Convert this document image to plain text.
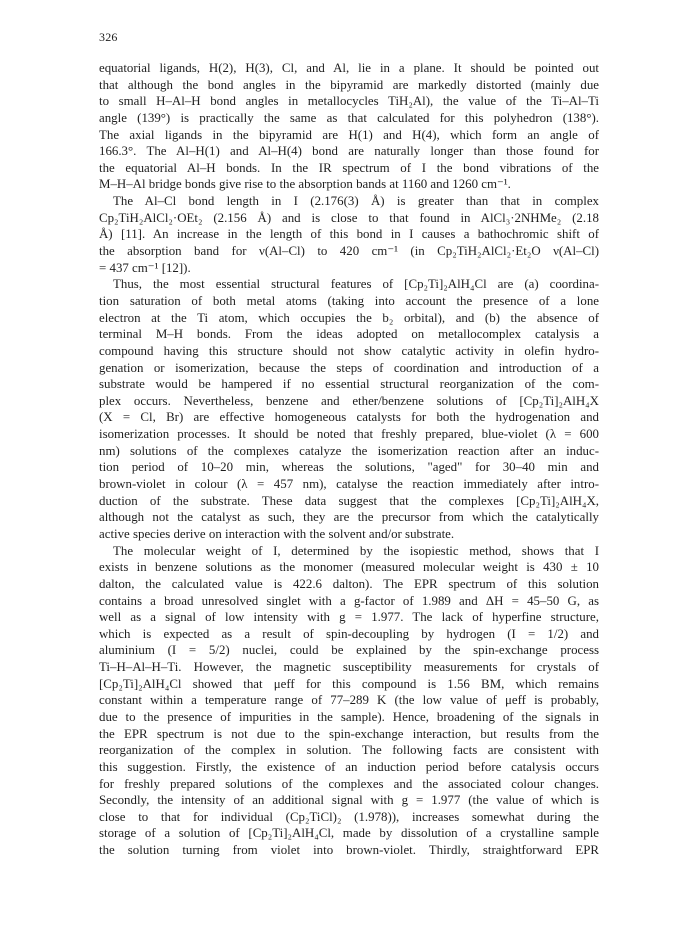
326
equatorial ligands, H(2), H(3), Cl, and Al, lie in a plane. It should be pointed out
that although the bond angles in the bipyramid are markedly distorted (mainly due
to small H–Al–H bond angles in metallocycles TiH₂Al), the value of the Ti–Al–Ti
angle (139°) is practically the same as that calculated for this polyhedron (138°).
The axial ligands in the bipyramid are H(1) and H(4), which form an angle of
166.3°. The Al–H(1) and Al–H(4) bond are naturally longer than those found for
the equatorial Al–H bonds. In the IR spectrum of I the bond vibrations of the
M–H–Al bridge bonds give rise to the absorption bands at 1160 and 1260 cm⁻¹.
The Al–Cl bond length in I (2.176(3) Å) is greater than that in complex
Cp₂TiH₂AlCl₂·OEt₂ (2.156 Å) and is close to that found in AlCl₃·2NHMe₂ (2.18
Å) [11]. An increase in the length of this bond in I causes a bathochromic shift of
the absorption band for ν(Al–Cl) to 420 cm⁻¹ (in Cp₂TiH₂AlCl₂·Et₂O ν(Al–Cl)
= 437 cm⁻¹ [12]).
Thus, the most essential structural features of [Cp₂Ti]₂AlH₄Cl are (a) coordina-
tion saturation of both metal atoms (taking into account the presence of a lone
electron at the Ti atom, which occupies the b₂ orbital), and (b) the absence of
terminal M–H bonds. From the ideas adopted on metallocomplex catalysis a
compound having this structure should not show catalytic activity in olefin hydro-
genation or isomerization, because the steps of coordination and introduction of a
substrate would be hampered if no essential structural reorganization of the com-
plex occurs. Nevertheless, benzene and ether/benzene solutions of [Cp₂Ti]₂AlH₄X
(X = Cl, Br) are effective homogeneous catalysts for both the hydrogenation and
isomerization processes. It should be noted that freshly prepared, blue-violet (λ = 600
nm) solutions of the complexes catalyze the isomerization reaction after an induc-
tion period of 10–20 min, whereas the solutions, "aged" for 30–40 min and
brown-violet in colour (λ = 457 nm), catalyse the reaction immediately after intro-
duction of the substrate. These data suggest that the complexes [Cp₂Ti]₂AlH₄X,
although not the catalyst as such, they are the precursor from which the catalytically
active species derive on interaction with the solvent and/or substrate.
The molecular weight of I, determined by the isopiestic method, shows that I
exists in benzene solutions as the monomer (measured molecular weight is 430 ± 10
dalton, the calculated value is 422.6 dalton). The EPR spectrum of this solution
contains a broad unresolved singlet with a g-factor of 1.989 and ΔH = 45–50 G, as
well as a signal of low intensity with g = 1.977. The lack of hyperfine structure,
which is expected as a result of spin-decoupling by hydrogen (I = 1/2) and
aluminium (I = 5/2) nuclei, could be explained by the spin-exchange process
Ti–H–Al–H–Ti. However, the magnetic susceptibility measurements for crystals of
[Cp₂Ti]₂AlH₄Cl showed that μeff for this compound is 1.56 BM, which remains
constant within a temperature range of 77–289 K (the low value of μeff is probably,
due to the presence of impurities in the sample). Hence, broadening of the signals in
the EPR spectrum is not due to the spin-exchange interaction, but results from the
reorganization of the complex in solution. The following facts are consistent with
this suggestion. Firstly, the existence of an induction period before catalysis occurs
for freshly prepared solutions of the complexes and the associated colour changes.
Secondly, the intensity of an additional signal with g = 1.977 (the value of which is
close to that for individual (Cp₂TiCl)₂ (1.978)), increases somewhat during the
storage of a solution of [Cp₂Ti]₂AlH₄Cl, made by dissolution of a crystalline sample
the solution turning from violet into brown-violet. Thirdly, straightforward EPR
